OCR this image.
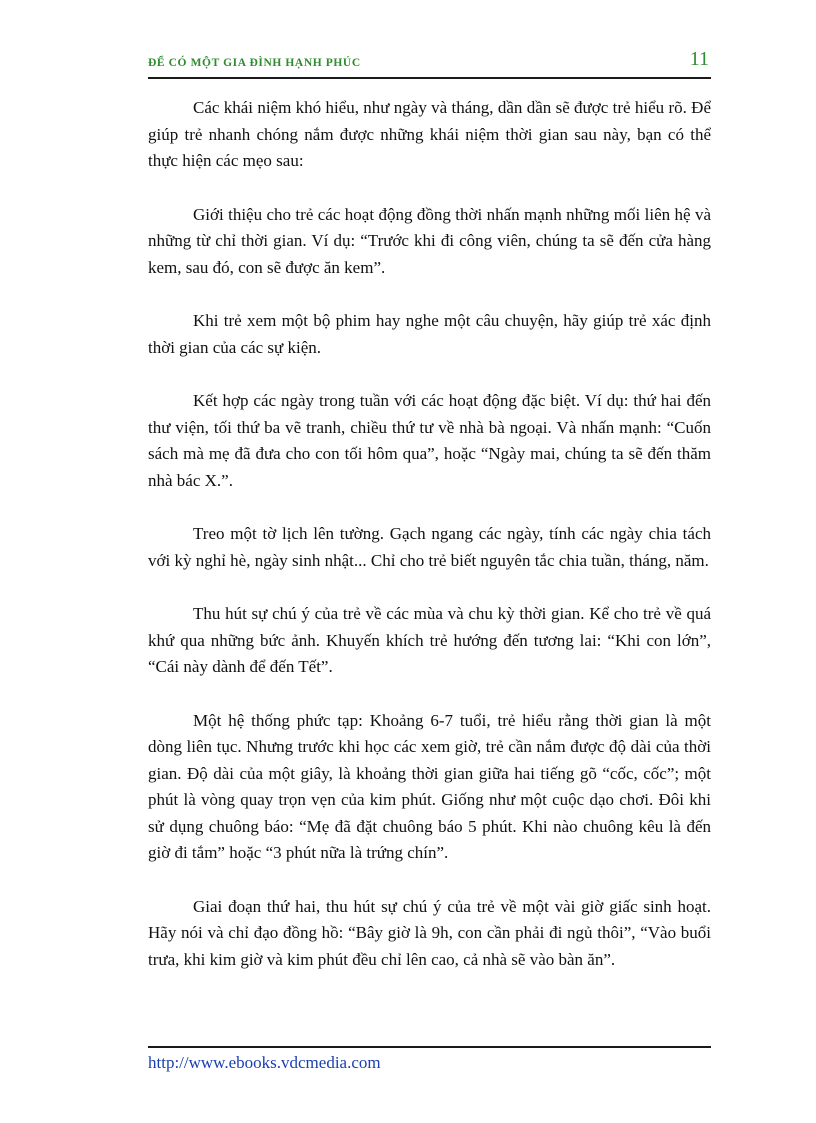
ĐỂ CÓ MỘT GIA ĐÌNH HẠNH PHÚC	11

Các khái niệm khó hiểu, như ngày và tháng, dần dần sẽ được trẻ hiểu rõ. Để giúp trẻ nhanh chóng nắm được những khái niệm thời gian sau này, bạn có thể thực hiện các mẹo sau:

Giới thiệu cho trẻ các hoạt động đồng thời nhấn mạnh những mối liên hệ và những từ chỉ thời gian. Ví dụ: “Trước khi đi công viên, chúng ta sẽ đến cửa hàng kem, sau đó, con sẽ được ăn kem”.

Khi trẻ xem một bộ phim hay nghe một câu chuyện, hãy giúp trẻ xác định thời gian của các sự kiện.

Kết hợp các ngày trong tuần với các hoạt động đặc biệt. Ví dụ: thứ hai đến thư viện, tối thứ ba vẽ tranh, chiều thứ tư về nhà bà ngoại. Và nhấn mạnh: “Cuốn sách mà mẹ đã đưa cho con tối hôm qua”, hoặc “Ngày mai, chúng ta sẽ đến thăm nhà bác X.”.

Treo một tờ lịch lên tường. Gạch ngang các ngày, tính các ngày chia tách với kỳ nghỉ hè, ngày sinh nhật... Chỉ cho trẻ biết nguyên tắc chia tuần, tháng, năm.

Thu hút sự chú ý của trẻ về các mùa và chu kỳ thời gian. Kể cho trẻ về quá khứ qua những bức ảnh. Khuyến khích trẻ hướng đến tương lai: “Khi con lớn”, “Cái này dành để đến Tết”.

Một hệ thống phức tạp: Khoảng 6-7 tuổi, trẻ hiểu rằng thời gian là một dòng liên tục. Nhưng trước khi học các xem giờ, trẻ cần nắm được độ dài của thời gian. Độ dài của một giây, là khoảng thời gian giữa hai tiếng gõ “cốc, cốc”; một phút là vòng quay trọn vẹn của kim phút. Giống như một cuộc dạo chơi. Đôi khi sử dụng chuông báo: “Mẹ đã đặt chuông báo 5 phút. Khi nào chuông kêu là đến giờ đi tắm” hoặc “3 phút nữa là trứng chín”.

Giai đoạn thứ hai, thu hút sự chú ý của trẻ về một vài giờ giấc sinh hoạt. Hãy nói và chỉ đạo đồng hồ: “Bây giờ là 9h, con cần phải đi ngủ thôi”, “Vào buổi trưa, khi kim giờ và kim phút đều chỉ lên cao, cả nhà sẽ vào bàn ăn”.

http://www.ebooks.vdcmedia.com
